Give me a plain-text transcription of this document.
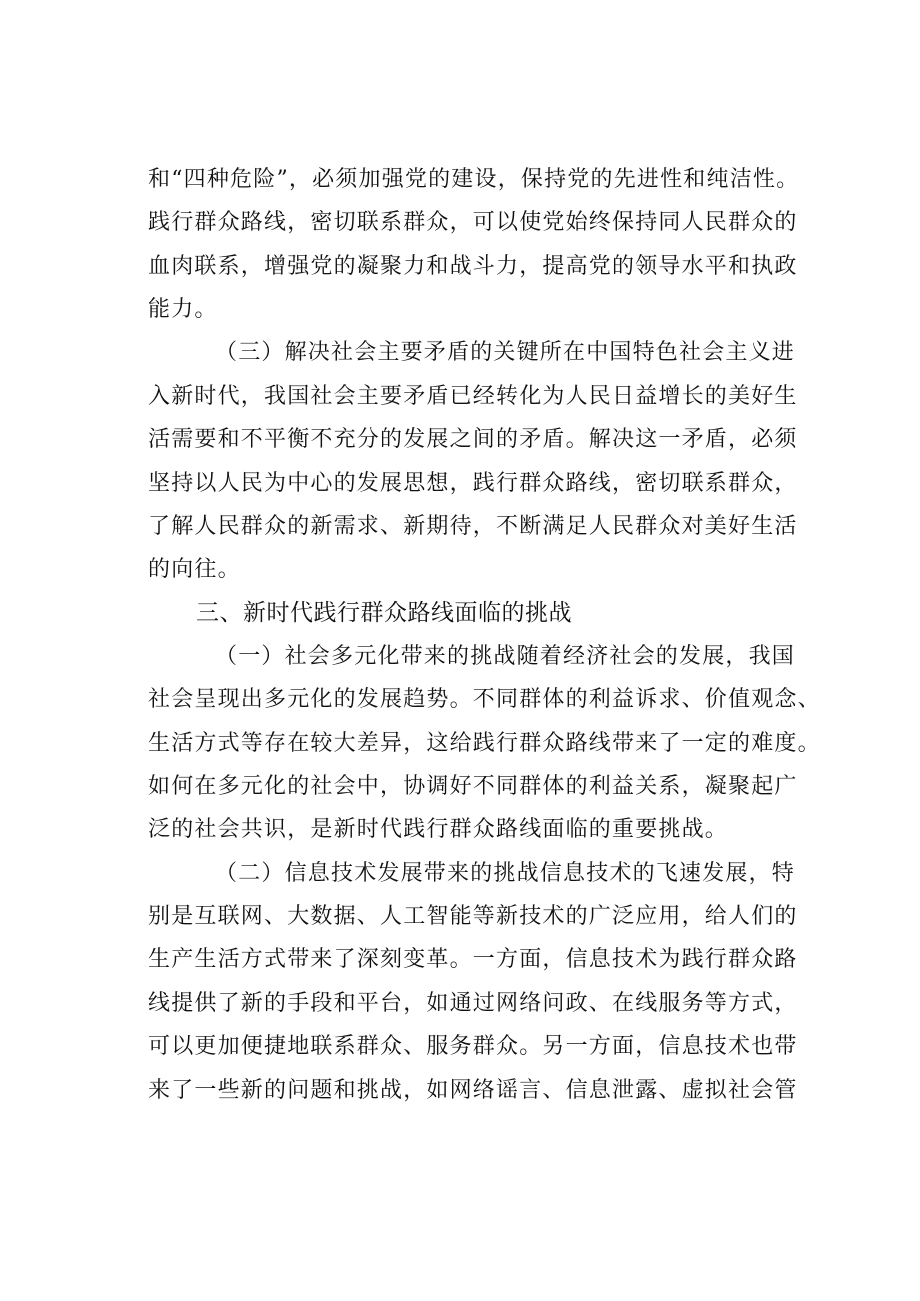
和“四种危险”，必须加强党的建设，保持党的先进性和纯洁性。
践行群众路线，密切联系群众，可以使党始终保持同人民群众的
血肉联系，增强党的凝聚力和战斗力，提高党的领导水平和执政
能力。
（三）解决社会主要矛盾的关键所在中国特色社会主义进
入新时代，我国社会主要矛盾已经转化为人民日益增长的美好生
活需要和不平衡不充分的发展之间的矛盾。解决这一矛盾，必须
坚持以人民为中心的发展思想，践行群众路线，密切联系群众，
了解人民群众的新需求、新期待，不断满足人民群众对美好生活
的向往。
三、新时代践行群众路线面临的挑战
（一）社会多元化带来的挑战随着经济社会的发展，我国
社会呈现出多元化的发展趋势。不同群体的利益诉求、价值观念、
生活方式等存在较大差异，这给践行群众路线带来了一定的难度。
如何在多元化的社会中，协调好不同群体的利益关系，凝聚起广
泛的社会共识，是新时代践行群众路线面临的重要挑战。
（二）信息技术发展带来的挑战信息技术的飞速发展，特
别是互联网、大数据、人工智能等新技术的广泛应用，给人们的
生产生活方式带来了深刻变革。一方面，信息技术为践行群众路
线提供了新的手段和平台，如通过网络问政、在线服务等方式，
可以更加便捷地联系群众、服务群众。另一方面，信息技术也带
来了一些新的问题和挑战，如网络谣言、信息泄露、虚拟社会管
